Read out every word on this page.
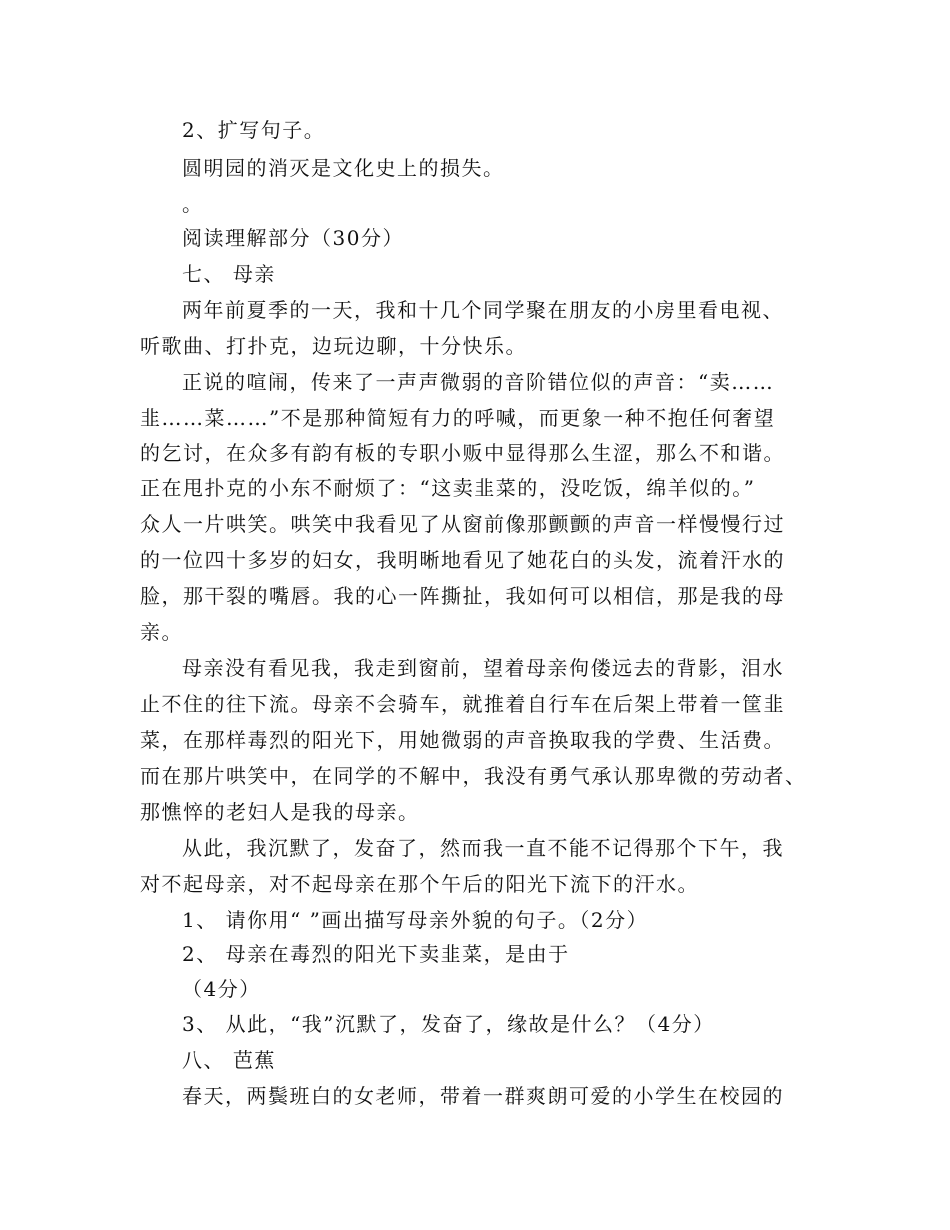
2、扩写句子。
圆明园的消灭是文化史上的损失。
。
阅读理解部分（30分）
七、 母亲
两年前夏季的一天，我和十几个同学聚在朋友的小房里看电视、
听歌曲、打扑克，边玩边聊，十分快乐。
正说的喧闹，传来了一声声微弱的音阶错位似的声音：“卖……
韭……菜……”不是那种简短有力的呼喊，而更象一种不抱任何奢望
的乞讨，在众多有韵有板的专职小贩中显得那么生涩，那么不和谐。
正在甩扑克的小东不耐烦了：“这卖韭菜的，没吃饭，绵羊似的。”
众人一片哄笑。哄笑中我看见了从窗前像那颤颤的声音一样慢慢行过
的一位四十多岁的妇女，我明晰地看见了她花白的头发，流着汗水的
脸，那干裂的嘴唇。我的心一阵撕扯，我如何可以相信，那是我的母
亲。
母亲没有看见我，我走到窗前，望着母亲佝偻远去的背影，泪水
止不住的往下流。母亲不会骑车，就推着自行车在后架上带着一筐韭
菜，在那样毒烈的阳光下，用她微弱的声音换取我的学费、生活费。
而在那片哄笑中，在同学的不解中，我没有勇气承认那卑微的劳动者、
那憔悴的老妇人是我的母亲。
从此，我沉默了，发奋了，然而我一直不能不记得那个下午，我
对不起母亲，对不起母亲在那个午后的阳光下流下的汗水。
1、 请你用“ ”画出描写母亲外貌的句子。（2分）
2、 母亲在毒烈的阳光下卖韭菜，是由于
（4分）
3、 从此，“我”沉默了，发奋了，缘故是什么？（4分）
八、 芭蕉
春天，两鬓班白的女老师，带着一群爽朗可爱的小学生在校园的
